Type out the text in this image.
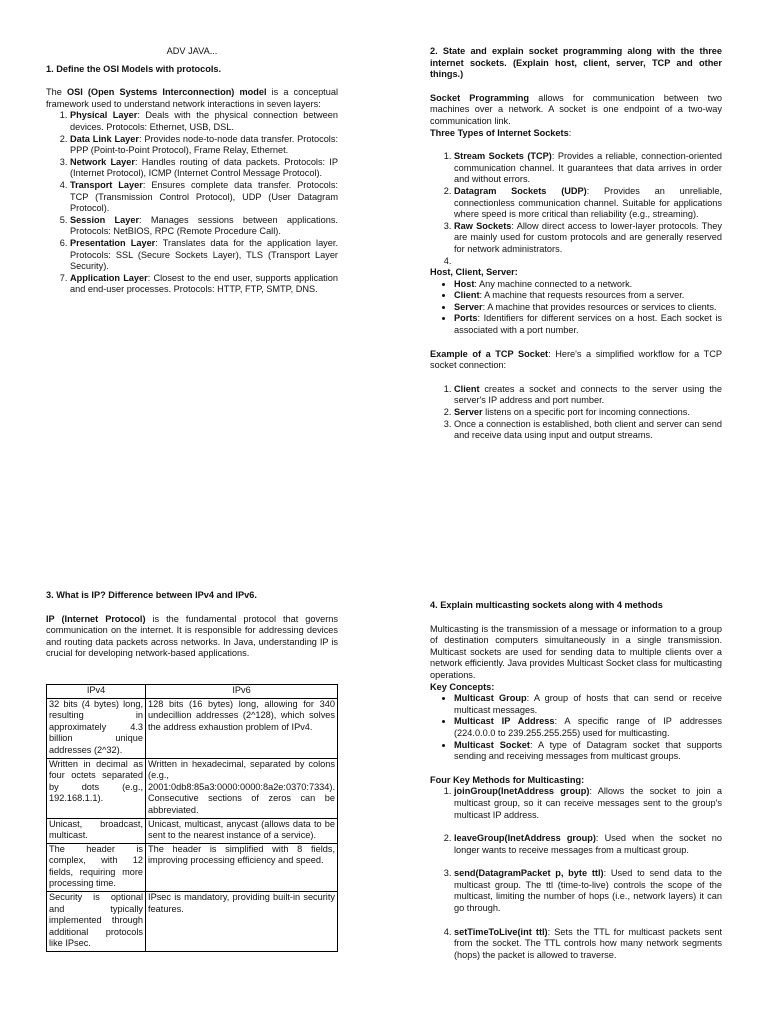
ADV JAVA...

1. Define the OSI Models with protocols.

The OSI (Open Systems Interconnection) model is a conceptual framework used to understand network interactions in seven layers:

1. Physical Layer: Deals with the physical connection between devices. Protocols: Ethernet, USB, DSL.
2. Data Link Layer: Provides node-to-node data transfer. Protocols: PPP (Point-to-Point Protocol), Frame Relay, Ethernet.
3. Network Layer: Handles routing of data packets. Protocols: IP (Internet Protocol), ICMP (Internet Control Message Protocol).
4. Transport Layer: Ensures complete data transfer. Protocols: TCP (Transmission Control Protocol), UDP (User Datagram Protocol).
5. Session Layer: Manages sessions between applications. Protocols: NetBIOS, RPC (Remote Procedure Call).
6. Presentation Layer: Translates data for the application layer. Protocols: SSL (Secure Sockets Layer), TLS (Transport Layer Security).
7. Application Layer: Closest to the end user, supports application and end-user processes. Protocols: HTTP, FTP, SMTP, DNS.

2. State and explain socket programming along with the three internet sockets. (Explain host, client, server, TCP and other things.)

Socket Programming allows for communication between two machines over a network. A socket is one endpoint of a two-way communication link.

Three Types of Internet Sockets:

1. Stream Sockets (TCP): Provides a reliable, connection-oriented communication channel. It guarantees that data arrives in order and without errors.
2. Datagram Sockets (UDP): Provides an unreliable, connectionless communication channel. Suitable for applications where speed is more critical than reliability (e.g., streaming).
3. Raw Sockets: Allow direct access to lower-layer protocols. They are mainly used for custom protocols and are generally reserved for network administrators.
4.

Host, Client, Server:

• Host: Any machine connected to a network.
• Client: A machine that requests resources from a server.
• Server: A machine that provides resources or services to clients.
• Ports: Identifiers for different services on a host. Each socket is associated with a port number.

Example of a TCP Socket: Here's a simplified workflow for a TCP socket connection:

1. Client creates a socket and connects to the server using the server's IP address and port number.
2. Server listens on a specific port for incoming connections.
3. Once a connection is established, both client and server can send and receive data using input and output streams.

3. What is IP? Difference between IPv4 and IPv6.

IP (Internet Protocol) is the fundamental protocol that governs communication on the internet. It is responsible for addressing devices and routing data packets across networks. In Java, understanding IP is crucial for developing network-based applications.

IPv4	IPv6
32 bits (4 bytes) long, resulting in approximately 4.3 billion unique addresses (2^32).	128 bits (16 bytes) long, allowing for 340 undecillion addresses (2^128), which solves the address exhaustion problem of IPv4.
Written in decimal as four octets separated by dots (e.g., 192.168.1.1).	Written in hexadecimal, separated by colons (e.g., 2001:0db8:85a3:0000:0000:8a2e:0370:7334). Consecutive sections of zeros can be abbreviated.
Unicast, broadcast, multicast.	Unicast, multicast, anycast (allows data to be sent to the nearest instance of a service).
The header is complex, with 12 fields, requiring more processing time.	The header is simplified with 8 fields, improving processing efficiency and speed.
Security is optional and typically implemented through additional protocols like IPsec.	IPsec is mandatory, providing built-in security features.

4. Explain multicasting sockets along with 4 methods

Multicasting is the transmission of a message or information to a group of destination computers simultaneously in a single transmission. Multicast sockets are used for sending data to multiple clients over a network efficiently. Java provides Multicast Socket class for multicasting operations.

Key Concepts:

• Multicast Group: A group of hosts that can send or receive multicast messages.
• Multicast IP Address: A specific range of IP addresses (224.0.0.0 to 239.255.255.255) used for multicasting.
• Multicast Socket: A type of Datagram socket that supports sending and receiving messages from multicast groups.

Four Key Methods for Multicasting:

1. joinGroup(InetAddress group): Allows the socket to join a multicast group, so it can receive messages sent to the group's multicast IP address.
2. leaveGroup(InetAddress group): Used when the socket no longer wants to receive messages from a multicast group.
3. send(DatagramPacket p, byte ttl): Used to send data to the multicast group. The ttl (time-to-live) controls the scope of the multicast, limiting the number of hops (i.e., network layers) it can go through.
4. setTimeToLive(int ttl): Sets the TTL for multicast packets sent from the socket. The TTL controls how many network segments (hops) the packet is allowed to traverse.
